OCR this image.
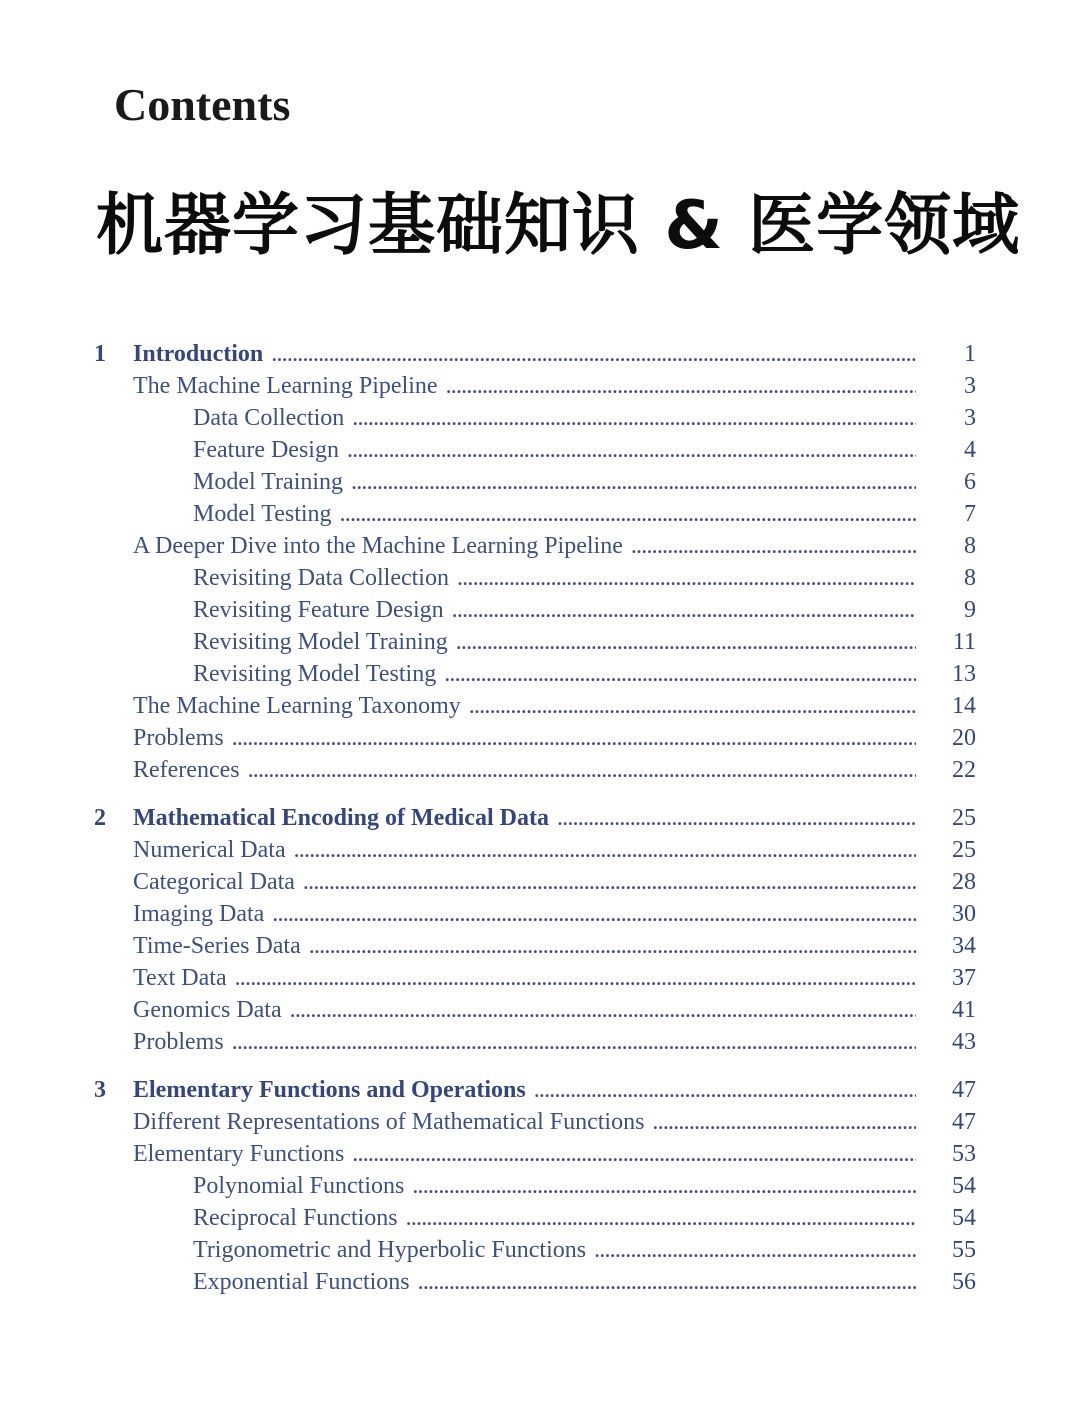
Contents
机器学习基础知识 & 医学领域
1 Introduction . . .	1
The Machine Learning Pipeline . . .	3
Data Collection . . .	3
Feature Design . . .	4
Model Training . . .	6
Model Testing . . .	7
A Deeper Dive into the Machine Learning Pipeline . . .	8
Revisiting Data Collection . . .	8
Revisiting Feature Design . . .	9
Revisiting Model Training . . .	11
Revisiting Model Testing . . .	13
The Machine Learning Taxonomy . . .	14
Problems . . .	20
References . . .	22
2 Mathematical Encoding of Medical Data . . .	25
Numerical Data . . .	25
Categorical Data . . .	28
Imaging Data . . .	30
Time-Series Data . . .	34
Text Data . . .	37
Genomics Data . . .	41
Problems . . .	43
3 Elementary Functions and Operations . . .	47
Different Representations of Mathematical Functions . . .	47
Elementary Functions . . .	53
Polynomial Functions . . .	54
Reciprocal Functions . . .	54
Trigonometric and Hyperbolic Functions . . .	55
Exponential Functions . . .	56
